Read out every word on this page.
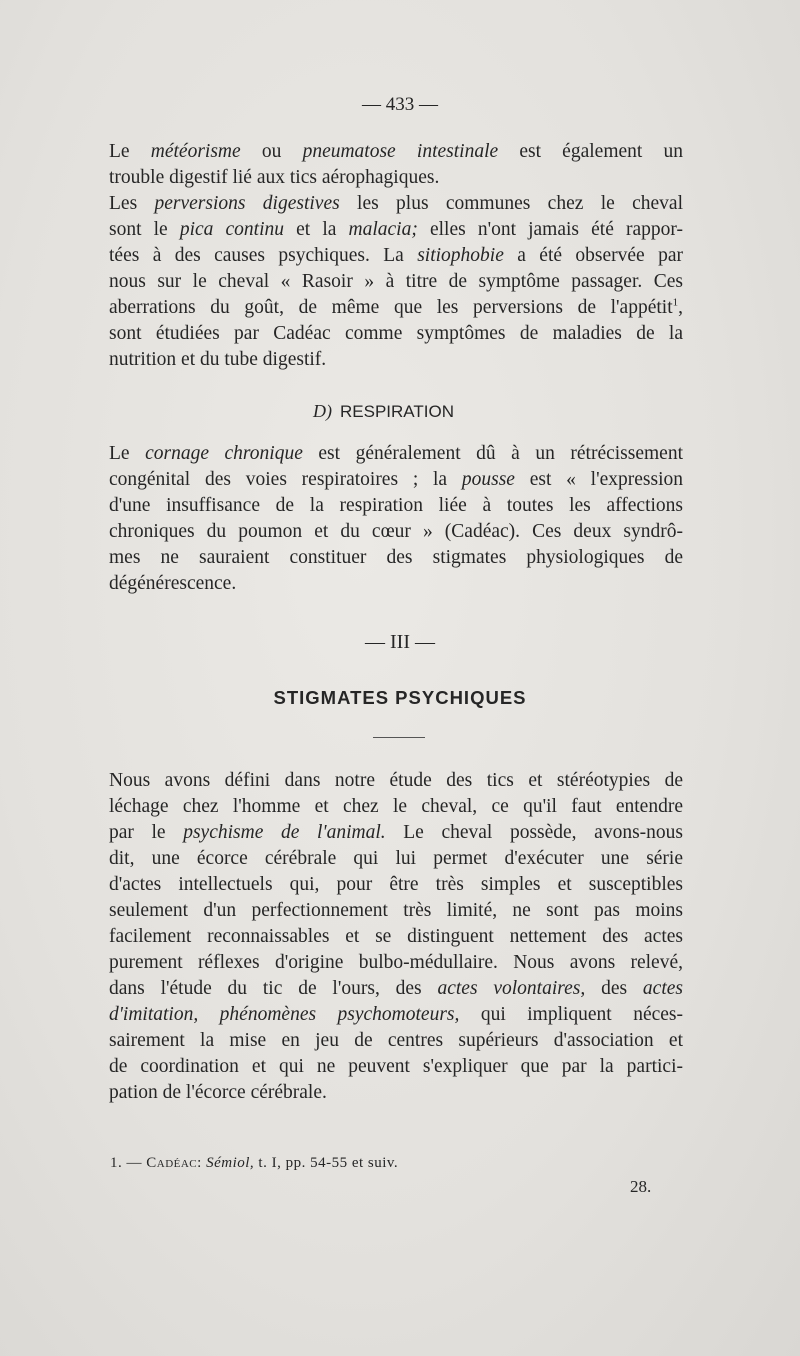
— 433 —
Le météorisme ou pneumatose intestinale est également un
trouble digestif lié aux tics aérophagiques.
Les perversions digestives les plus communes chez le cheval
sont le pica continu et la malacia; elles n'ont jamais été rappor-
tées à des causes psychiques. La sitiophobie a été observée par
nous sur le cheval « Rasoir » à titre de symptôme passager. Ces
aberrations du goût, de même que les perversions de l'appétit$^1$,
sont étudiées par Cadéac comme symptômes de maladies de la
nutrition et du tube digestif.
D) RESPIRATION
Le cornage chronique est généralement dû à un rétrécissement
congénital des voies respiratoires ; la pousse est « l'expression
d'une insuffisance de la respiration liée à toutes les affections
chroniques du poumon et du cœur » (Cadéac). Ces deux syndrô-
mes ne sauraient constituer des stigmates physiologiques de
dégénérescence.
— III —
STIGMATES PSYCHIQUES
Nous avons défini dans notre étude des tics et stéréotypies de
léchage chez l'homme et chez le cheval, ce qu'il faut entendre
par le psychisme de l'animal. Le cheval possède, avons-nous
dit, une écorce cérébrale qui lui permet d'exécuter une série
d'actes intellectuels qui, pour être très simples et susceptibles
seulement d'un perfectionnement très limité, ne sont pas moins
facilement reconnaissables et se distinguent nettement des actes
purement réflexes d'origine bulbo-médullaire. Nous avons relevé,
dans l'étude du tic de l'ours, des actes volontaires, des actes
d'imitation, phénomènes psychomoteurs, qui impliquent néces-
sairement la mise en jeu de centres supérieurs d'association et
de coordination et qui ne peuvent s'expliquer que par la partici-
pation de l'écorce cérébrale.
1. — Cadéac: Sémiol, t. I, pp. 54-55 et suiv.
28.
